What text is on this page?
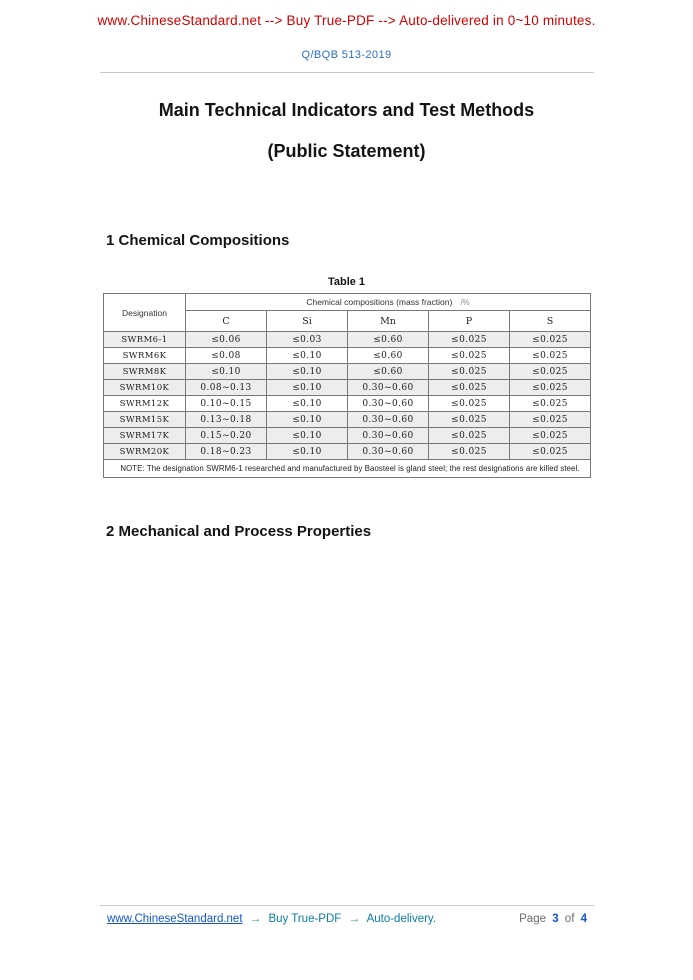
www.ChineseStandard.net --> Buy True-PDF --> Auto-delivered in 0~10 minutes.
Q/BQB 513-2019
Main Technical Indicators and Test Methods
(Public Statement)
1 Chemical Compositions
Table 1
Designation	Chemical compositions (mass fraction) /%				
	C	Si	Mn	P	S
SWRM6-1	≤0.06	≤0.03	≤0.60	≤0.025	≤0.025
SWRM6K	≤0.08	≤0.10	≤0.60	≤0.025	≤0.025
SWRM8K	≤0.10	≤0.10	≤0.60	≤0.025	≤0.025
SWRM10K	0.08~0.13	≤0.10	0.30~0.60	≤0.025	≤0.025
SWRM12K	0.10~0.15	≤0.10	0.30~0.60	≤0.025	≤0.025
SWRM15K	0.13~0.18	≤0.10	0.30~0.60	≤0.025	≤0.025
SWRM17K	0.15~0.20	≤0.10	0.30~0.60	≤0.025	≤0.025
SWRM20K	0.18~0.23	≤0.10	0.30~0.60	≤0.025	≤0.025
NOTE: The designation SWRM6-1 researched and manufactured by Baosteel is gland steel; the rest designations are killed steel.					
2 Mechanical and Process Properties
www.ChineseStandard.net → Buy True-PDF → Auto-delivery.	Page 3 of 4
